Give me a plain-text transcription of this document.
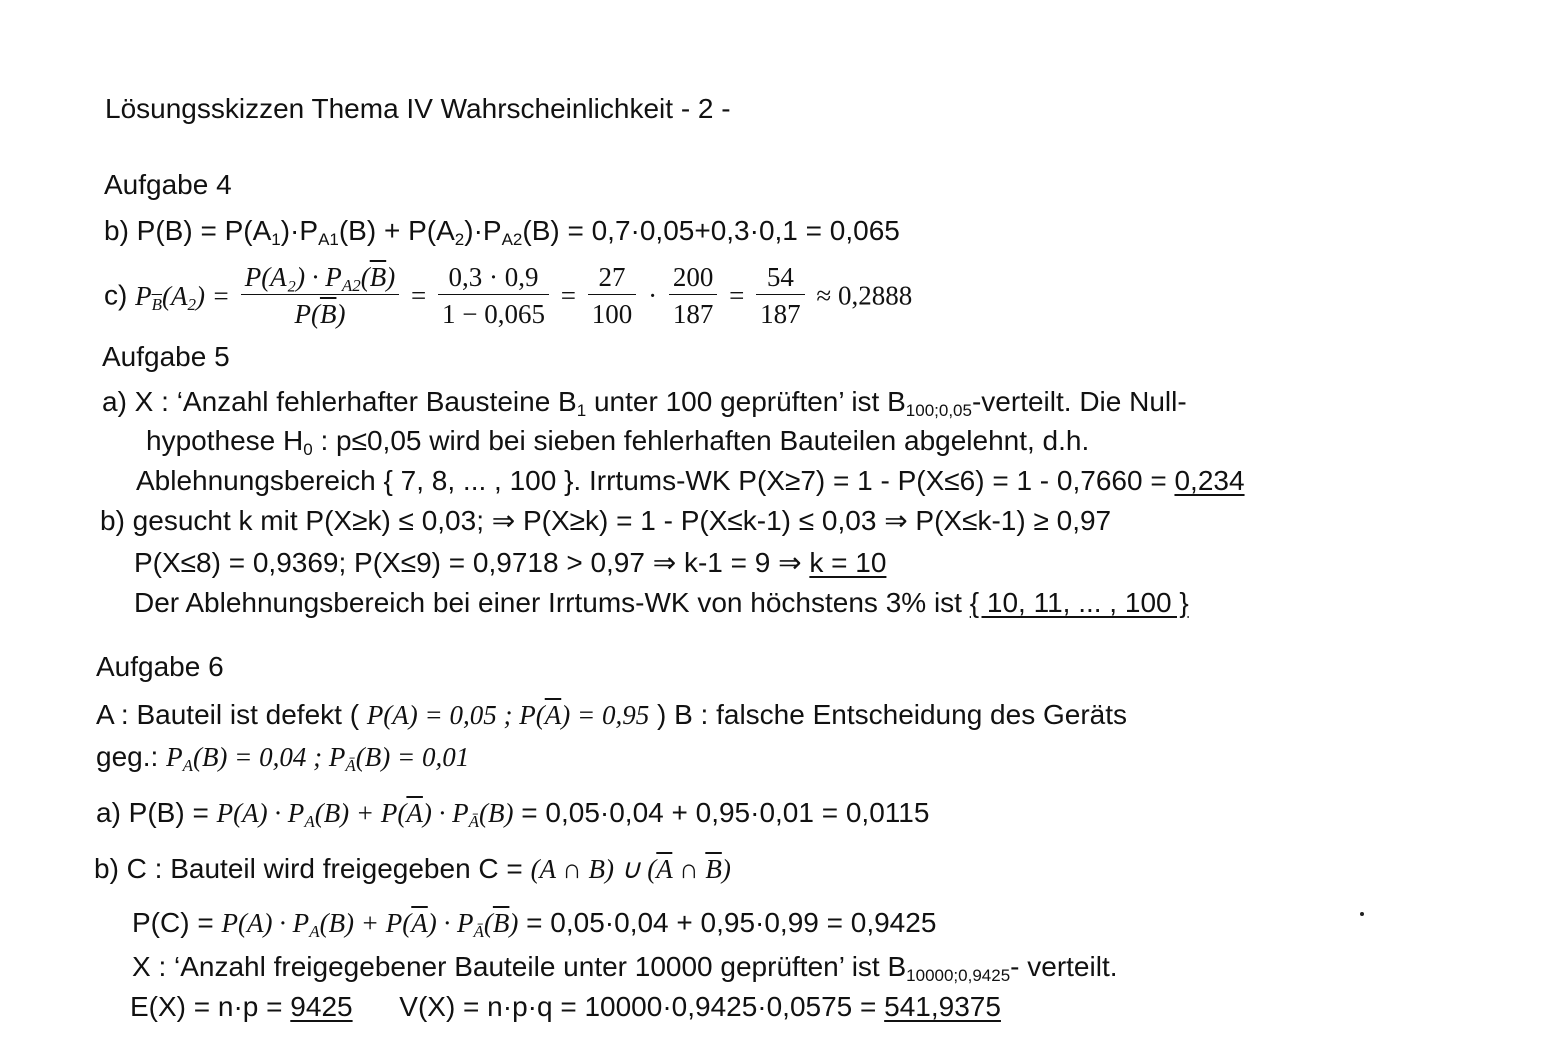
Lösungsskizzen Thema IV Wahrscheinlichkeit - 2 -
Aufgabe 4
b) $P(B) = P(A_1)\cdot P_{A1}(B) + P(A_2)\cdot P_{A2}(B) = 0,7\cdot 0,05+0,3\cdot 0,1 = 0,065$
c) $P_{\overline{B}}(A_2) = \frac{P(A_2) \cdot P_{A2}(\overline{B})}{P(\overline{B})} = \frac{0,3 \cdot 0,9}{1 - 0,065} = \frac{27}{100} \cdot \frac{200}{187} = \frac{54}{187} \approx 0,2888$
Aufgabe 5
a) X : ‘Anzahl fehlerhafter Bausteine $B_1$ unter 100 geprüften’ ist $B_{100;0,05}$-verteilt. Die Null-
hypothese $H_0$ : p≤0,05 wird bei sieben fehlerhaften Bauteilen abgelehnt, d.h.
Ablehnungsbereich { 7, 8, ... , 100 }. Irrtums-WK P(X≥7) = 1 - P(X≤6) = 1 - 0,7660 = 0,234
b) gesucht k mit P(X≥k) ≤ 0,03; ⇒ P(X≥k) = 1 - P(X≤k-1) ≤ 0,03 ⇒ P(X≤k-1) ≥ 0,97
P(X≤8) = 0,9369; P(X≤9) = 0,9718 > 0,97 ⇒ k-1 = 9 ⇒ k = 10
Der Ablehnungsbereich bei einer Irrtums-WK von höchstens 3% ist { 10, 11, ... , 100 }
Aufgabe 6
A : Bauteil ist defekt ( P(A) = 0,05 ; $P(\overline{A}) = 0,95$ ) B : falsche Entscheidung des Geräts
geg.: $P_A(B) = 0,04$ ; $P_Ā(B) = 0,01$
a) $P(B) = P(A) \cdot P_A(B) + P(\overline{A}) \cdot P_Ā(B) = 0,05\cdot 0,04 + 0,95\cdot 0,01 = 0,0115$
b) C : Bauteil wird freigegeben C = (A ∩ B) ∪ ($\overline{A}$ ∩ $\overline{B}$)
$P(C) = P(A) \cdot P_A(B) + P(\overline{A}) \cdot P_Ā(\overline{B}) = 0,05\cdot 0,04 + 0,95\cdot 0,99 = 0,9425$
X : ‘Anzahl freigegebener Bauteile unter 10000 geprüften’ ist $B_{10000;0,9425}-$ verteilt.
E(X) = n·p = 9425      V(X) = n·p·q = 10000·0,9425·0,0575 = 541,9375
